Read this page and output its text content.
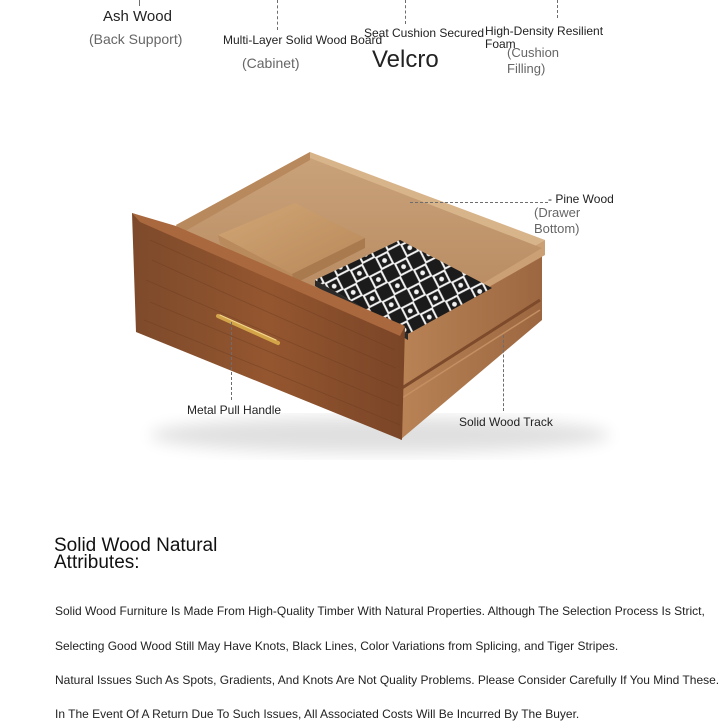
Ash Wood
(Back Support)	Multi-Layer Solid Wood Board
(Cabinet)
Seat Cushion Secured
Velcro
High-Density Resilient
Foam
(Cushion
Filling)
- Pine Wood
(Drawer
Bottom)
Metal Pull Handle
Solid Wood Track
Solid Wood Natural
Attributes:
Solid Wood Furniture Is Made From High-Quality Timber With Natural Properties. Although The Selection Process Is Strict,
Selecting Good Wood Still May Have Knots, Black Lines, Color Variations from Splicing, and Tiger Stripes.
Natural Issues Such As Spots, Gradients, And Knots Are Not Quality Problems. Please Consider Carefully If You Mind These.
In The Event Of A Return Due To Such Issues, All Associated Costs Will Be Incurred By The Buyer.
